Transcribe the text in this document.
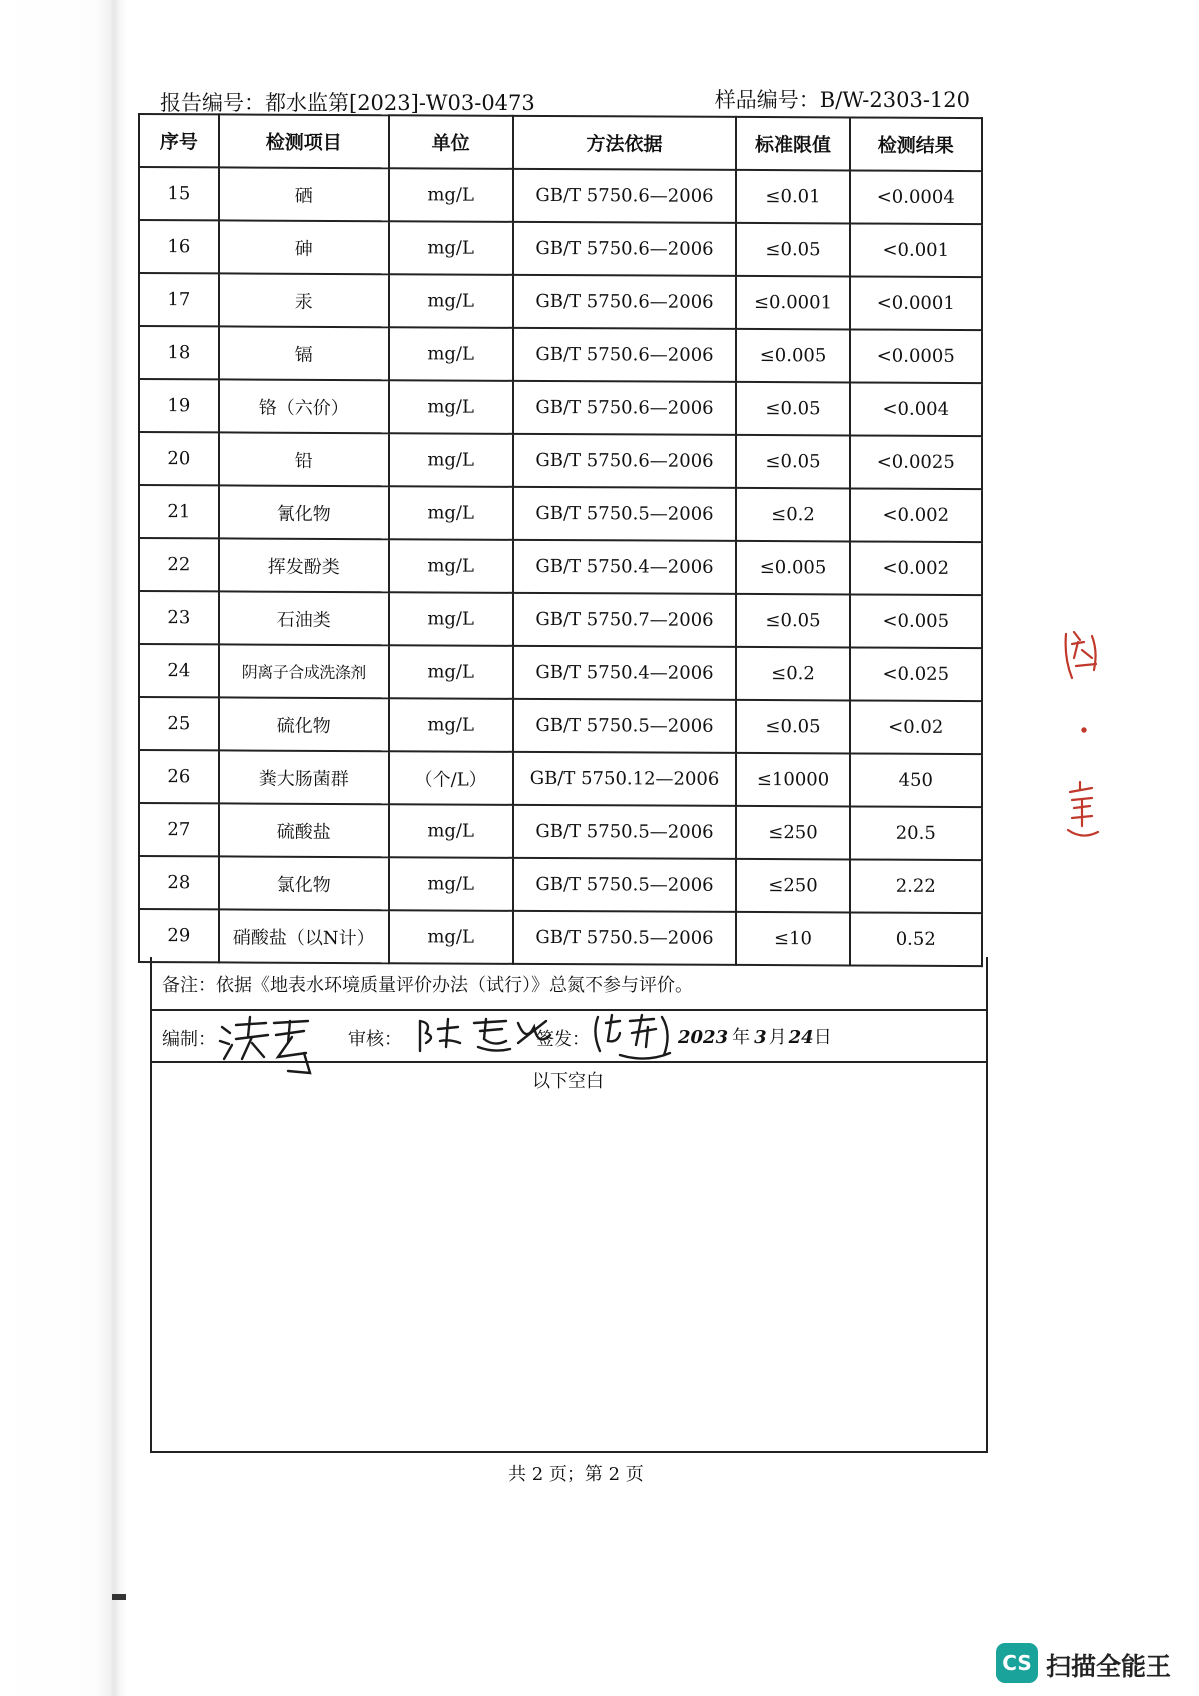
报告编号：都水监第[2023]-W03-0473	样品编号：B/W-2303-120
序号	检测项目	单位	方法依据	标准限值	检测结果
15	硒	mg/L	GB/T 5750.6—2006	≤0.01	<0.0004
16	砷	mg/L	GB/T 5750.6—2006	≤0.05	<0.001
17	汞	mg/L	GB/T 5750.6—2006	≤0.0001	<0.0001
18	镉	mg/L	GB/T 5750.6—2006	≤0.005	<0.0005
19	铬（六价）	mg/L	GB/T 5750.6—2006	≤0.05	<0.004
20	铅	mg/L	GB/T 5750.6—2006	≤0.05	<0.0025
21	氰化物	mg/L	GB/T 5750.5—2006	≤0.2	<0.002
22	挥发酚类	mg/L	GB/T 5750.4—2006	≤0.005	<0.002
23	石油类	mg/L	GB/T 5750.7—2006	≤0.05	<0.005
24	阴离子合成洗涤剂	mg/L	GB/T 5750.4—2006	≤0.2	<0.025
25	硫化物	mg/L	GB/T 5750.5—2006	≤0.05	<0.02
26	粪大肠菌群	（个/L）	GB/T 5750.12—2006	≤10000	450
27	硫酸盐	mg/L	GB/T 5750.5—2006	≤250	20.5
28	氯化物	mg/L	GB/T 5750.5—2006	≤250	2.22
29	硝酸盐（以N计）	mg/L	GB/T 5750.5—2006	≤10	0.52
备注：依据《地表水环境质量评价办法（试行）》总氮不参与评价。
编制：	审核：	签发：	2023 年 3 月 24日
以下空白
共 2 页；第 2 页
CS 扫描全能王
